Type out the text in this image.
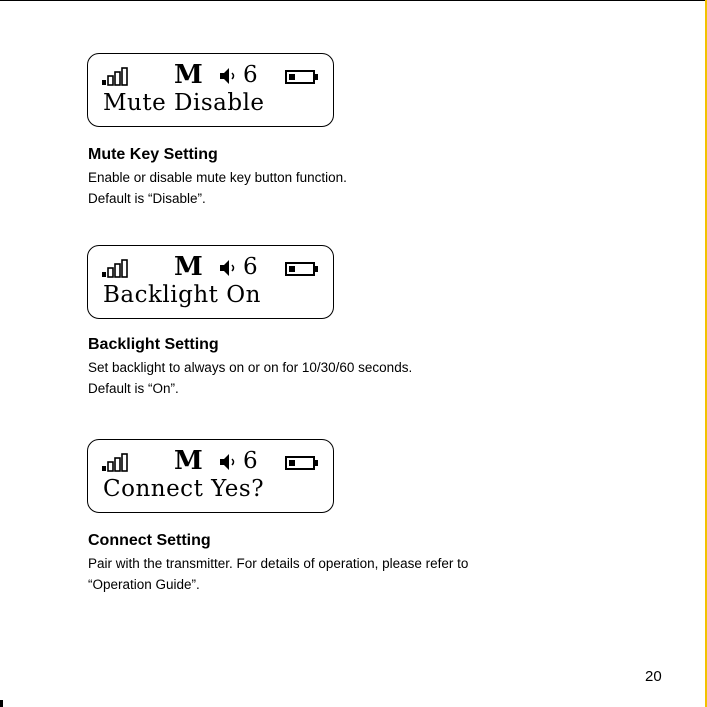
M 6
Mute Disable
Mute Key Setting
Enable or disable mute key button function.
Default is “Disable”.
M 6
Backlight On
Backlight Setting
Set backlight to always on or on for 10/30/60 seconds.
Default is “On”.
M 6
Connect Yes?
Connect Setting
Pair with the transmitter. For details of operation, please refer to
“Operation Guide”.
20
